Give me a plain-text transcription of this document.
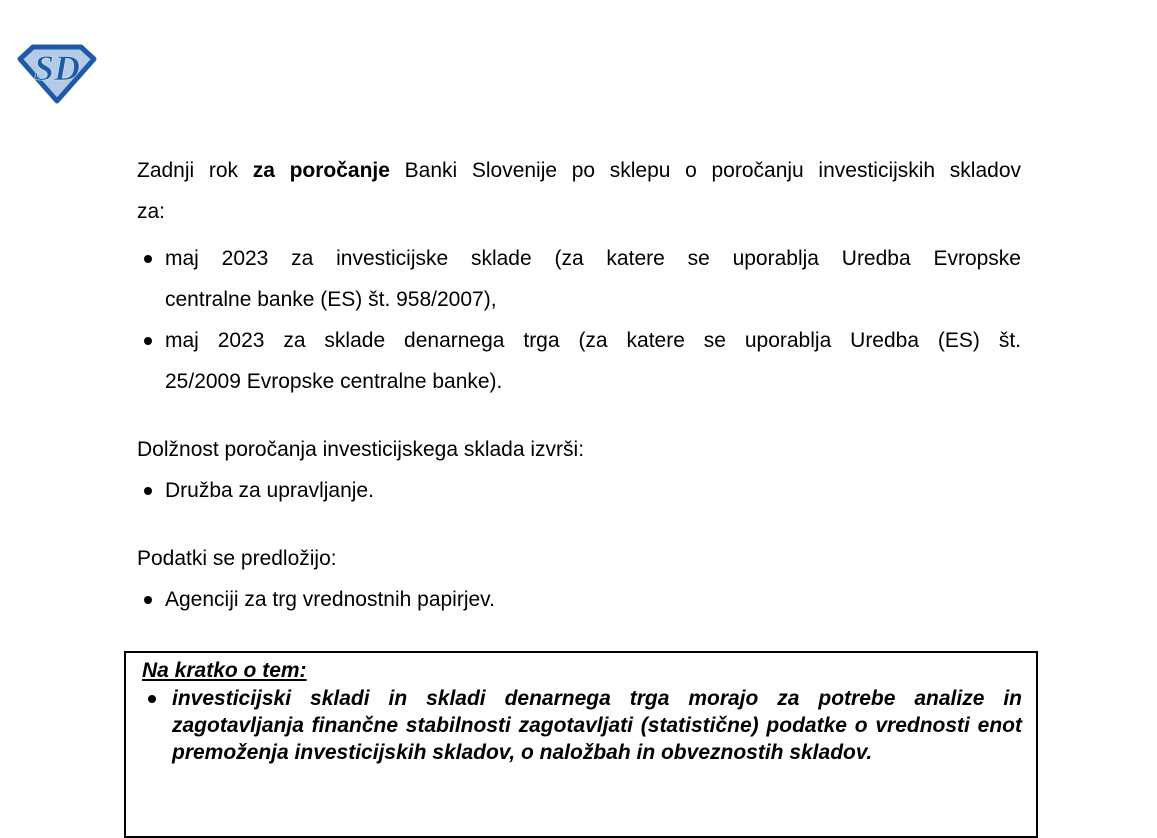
SD
Zadnji rok za poročanje Banki Slovenije po sklepu o poročanju investicijskih skladov
za:
maj 2023 za investicijske sklade (za katere se uporablja Uredba Evropske
centralne banke (ES) št. 958/2007),
maj 2023 za sklade denarnega trga (za katere se uporablja Uredba (ES) št.
25/2009 Evropske centralne banke).
Dolžnost poročanja investicijskega sklada izvrši:
Družba za upravljanje.
Podatki se predložijo:
Agenciji za trg vrednostnih papirjev.
Na kratko o tem:
investicijski skladi in skladi denarnega trga morajo za potrebe analize in
zagotavljanja finančne stabilnosti zagotavljati (statistične) podatke o vrednosti enot
premoženja investicijskih skladov, o naložbah in obveznostih skladov.
